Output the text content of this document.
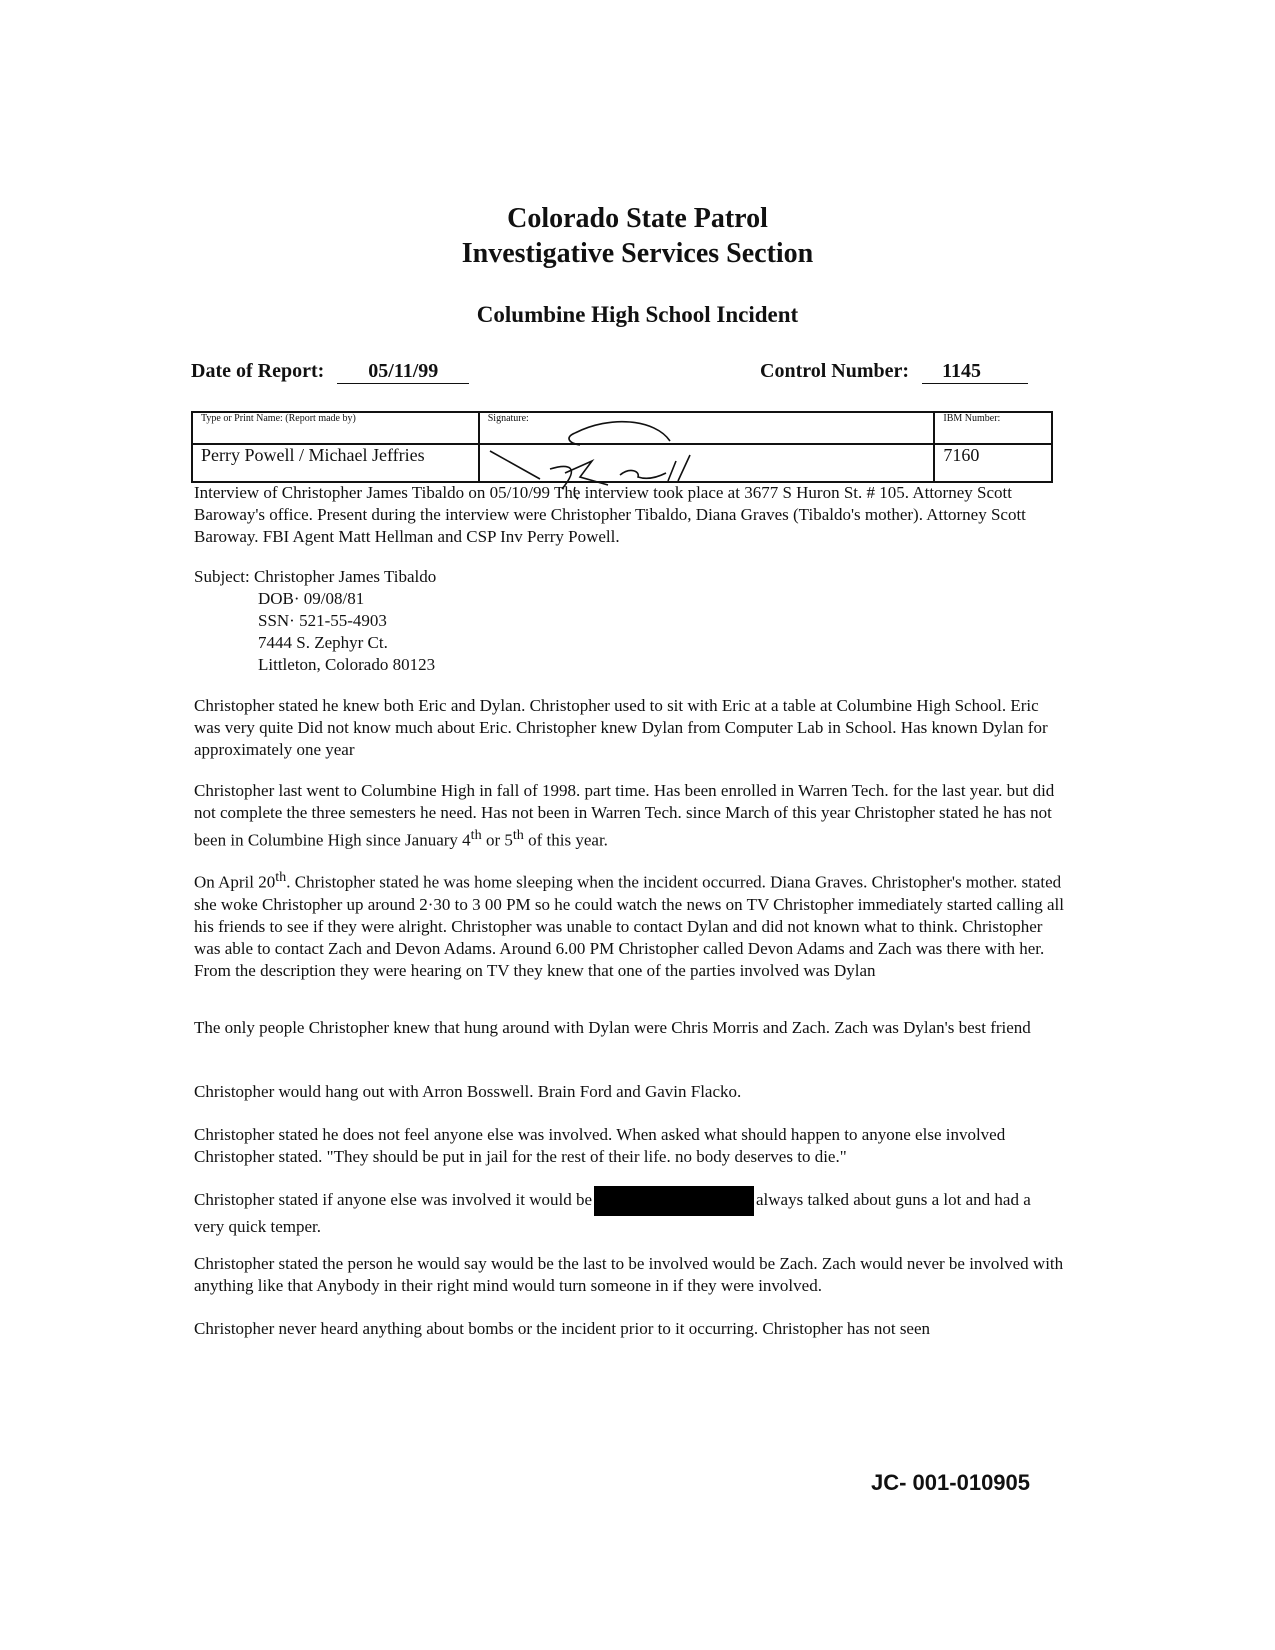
Colorado State Patrol
Investigative Services Section
Columbine High School Incident
Date of Report: 05/11/99	Control Number: 1145
Type or Print Name: (Report made by)	Signature:	IBM Number:
Perry Powell / Michael Jeffries		7160
Interview of Christopher James Tibaldo on 05/10/99 The interview took place at 3677 S Huron St. # 105. Attorney Scott Baroway's office. Present during the interview were Christopher Tibaldo, Diana Graves (Tibaldo's mother). Attorney Scott Baroway. FBI Agent Matt Hellman and CSP Inv Perry Powell.
Subject: Christopher James Tibaldo
DOB· 09/08/81
SSN· 521-55-4903
7444 S. Zephyr Ct.
Littleton, Colorado 80123
Christopher stated he knew both Eric and Dylan. Christopher used to sit with Eric at a table at Columbine High School. Eric was very quite Did not know much about Eric. Christopher knew Dylan from Computer Lab in School. Has known Dylan for approximately one year
Christopher last went to Columbine High in fall of 1998. part time. Has been enrolled in Warren Tech. for the last year. but did not complete the three semesters he need. Has not been in Warren Tech. since March of this year Christopher stated he has not been in Columbine High since January 4th or 5th of this year.
On April 20th. Christopher stated he was home sleeping when the incident occurred. Diana Graves. Christopher's mother. stated she woke Christopher up around 2·30 to 3 00 PM so he could watch the news on TV Christopher immediately started calling all his friends to see if they were alright. Christopher was unable to contact Dylan and did not known what to think. Christopher was able to contact Zach and Devon Adams. Around 6.00 PM Christopher called Devon Adams and Zach was there with her. From the description they were hearing on TV they knew that one of the parties involved was Dylan
The only people Christopher knew that hung around with Dylan were Chris Morris and Zach. Zach was Dylan's best friend
Christopher would hang out with Arron Bosswell. Brain Ford and Gavin Flacko.
Christopher stated he does not feel anyone else was involved. When asked what should happen to anyone else involved Christopher stated. "They should be put in jail for the rest of their life. no body deserves to die."
Christopher stated if anyone else was involved it would be	always talked about guns a lot and had a very quick temper.
Christopher stated the person he would say would be the last to be involved would be Zach. Zach would never be involved with anything like that Anybody in their right mind would turn someone in if they were involved.
Christopher never heard anything about bombs or the incident prior to it occurring. Christopher has not seen
JC- 001-010905
